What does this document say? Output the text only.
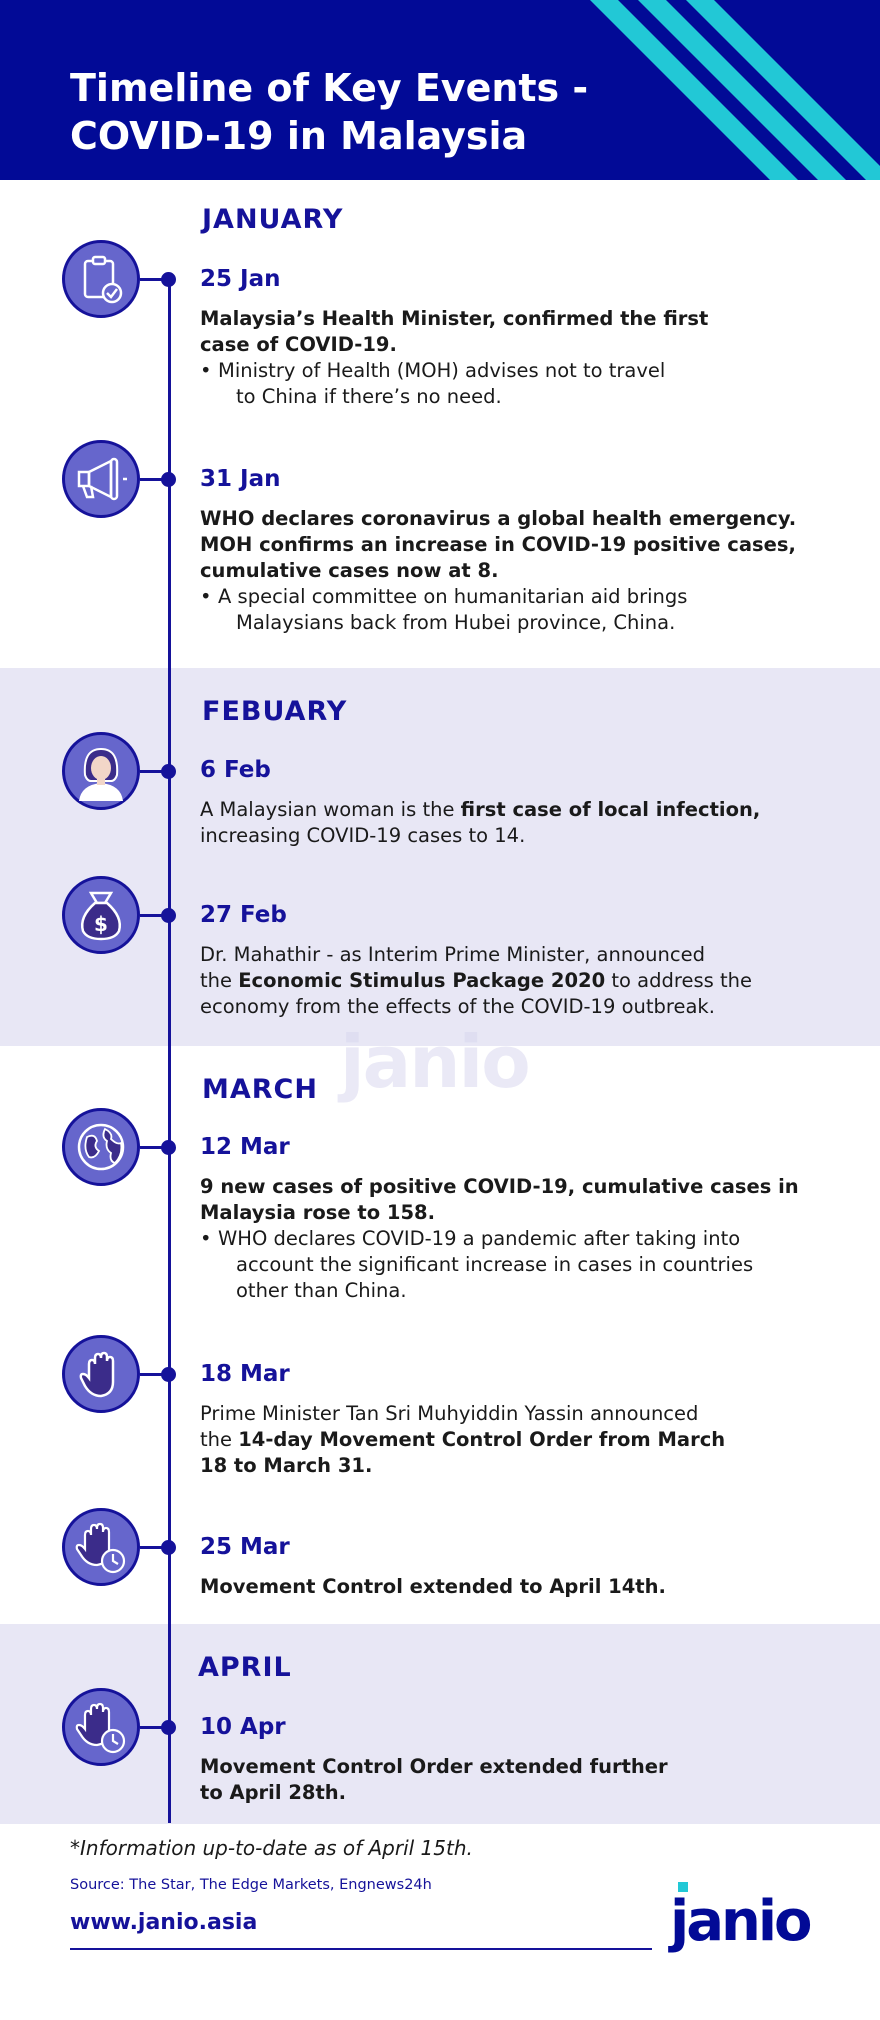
Timeline of Key Events -
COVID-19 in Malaysia
janio
JANUARY
FEBUARY
MARCH
APRIL
25 Jan
Malaysia’s Health Minister, confirmed the first
case of COVID-19.
• Ministry of Health (MOH) advises not to travel
to China if there’s no need.
31 Jan
WHO declares coronavirus a global health emergency.
MOH confirms an increase in COVID-19 positive cases,
cumulative cases now at 8.
• A special committee on humanitarian aid brings
Malaysians back from Hubei province, China.
6 Feb
A Malaysian woman is the first case of local infection,
increasing COVID-19 cases to 14.
$	27 Feb
Dr. Mahathir - as Interim Prime Minister, announced
the Economic Stimulus Package 2020 to address the
economy from the effects of the COVID-19 outbreak.
12 Mar
9 new cases of positive COVID-19, cumulative cases in
Malaysia rose to 158.
• WHO declares COVID-19 a pandemic after taking into
account the significant increase in cases in countries
other than China.
18 Mar
Prime Minister Tan Sri Muhyiddin Yassin announced
the 14-day Movement Control Order from March
18 to March 31.
25 Mar
Movement Control extended to April 14th.
10 Apr
Movement Control Order extended further
to April 28th.
*Information up-to-date as of April 15th.
Source: The Star, The Edge Markets, Engnews24h
www.janio.asia	janio
